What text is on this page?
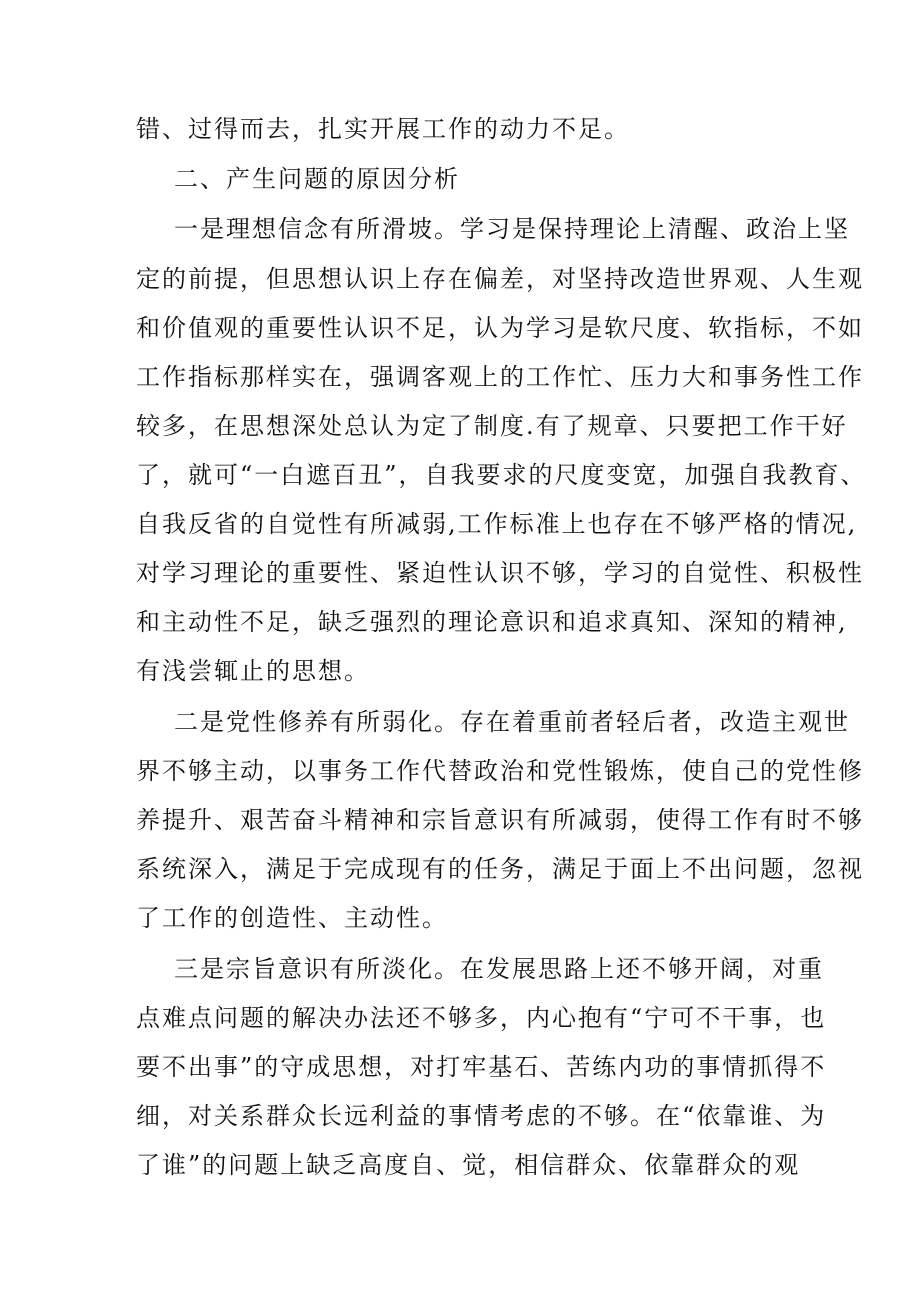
错、过得而去，扎实开展工作的动力不足。
二、产生问题的原因分析
一是理想信念有所滑坡。学习是保持理论上清醒、政治上坚
定的前提，但思想认识上存在偏差，对坚持改造世界观、人生观
和价值观的重要性认识不足，认为学习是软尺度、软指标，不如
工作指标那样实在，强调客观上的工作忙、压力大和事务性工作
较多，在思想深处总认为定了制度.有了规章、只要把工作干好
了，就可“一白遮百丑”，自我要求的尺度变宽，加强自我教育、
自我反省的自觉性有所减弱,工作标准上也存在不够严格的情况,
对学习理论的重要性、紧迫性认识不够，学习的自觉性、积极性
和主动性不足，缺乏强烈的理论意识和追求真知、深知的精神,
有浅尝辄止的思想。
二是党性修养有所弱化。存在着重前者轻后者，改造主观世
界不够主动，以事务工作代替政治和党性锻炼，使自己的党性修
养提升、艰苦奋斗精神和宗旨意识有所减弱，使得工作有时不够
系统深入，满足于完成现有的任务，满足于面上不出问题，忽视
了工作的创造性、主动性。
三是宗旨意识有所淡化。在发展思路上还不够开阔，对重
点难点问题的解决办法还不够多，内心抱有“宁可不干事，也
要不出事”的守成思想，对打牢基石、苦练内功的事情抓得不
细，对关系群众长远利益的事情考虑的不够。在“依靠谁、为
了谁”的问题上缺乏高度自、觉，相信群众、依靠群众的观
